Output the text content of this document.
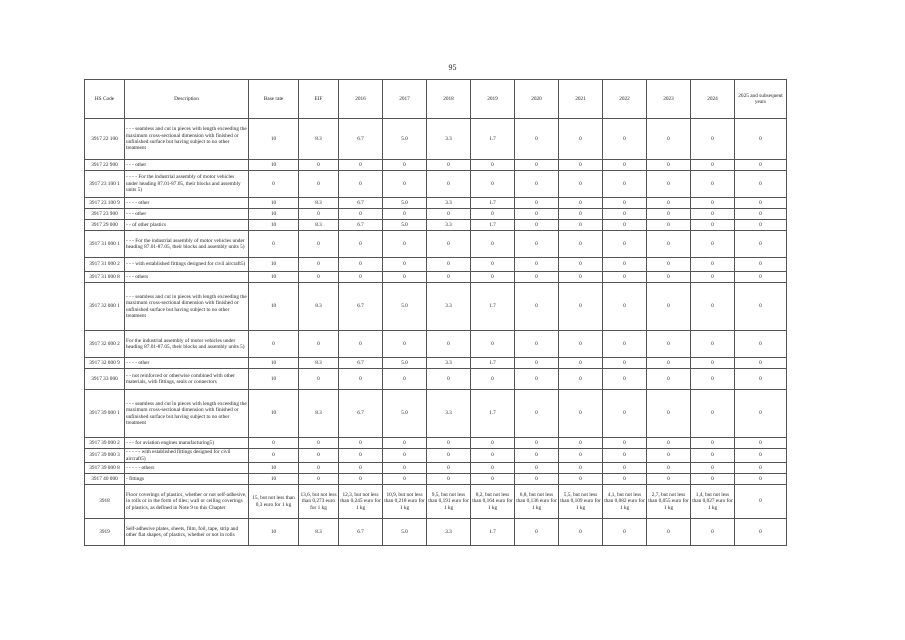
95
HS Code	Description	Base rate	EIF	2016	2017	2018	2019	2020	2021	2022	2023	2024	2025 and subsequent years
3917 22 100	- - - seamless and cut in pieces with length exceeding the maximum cross-sectional dimension with finished or unfinished surface but having subject to no other treatment	10	8.3	6.7	5.0	3.3	1.7	0	0	0	0	0	0
3917 22 900	- - - other	10	0	0	0	0	0	0	0	0	0	0	0
3917 23 100 1	- - - - For the industrial assembly of motor vehicles under heading 87.01-87.05, their blocks and assembly units 5)	0	0	0	0	0	0	0	0	0	0	0	0
3917 23 100 9	- - - - other	10	8.3	6.7	5.0	3.3	1.7	0	0	0	0	0	0
3917 23 900	- - - other	10	0	0	0	0	0	0	0	0	0	0	0
3917 29 000	- - of other plastics	10	8.3	6.7	5.0	3.3	1.7	0	0	0	0	0	0
3917 31 000 1	- - - For the industrial assembly of motor vehicles under heading 87.01-87.05, their blocks and assembly units 5)	0	0	0	0	0	0	0	0	0	0	0	0
3917 31 000 2	- - - with established fittings designed for civil aircraft5)	10	0	0	0	0	0	0	0	0	0	0	0
3917 31 000 8	- - - others	10	0	0	0	0	0	0	0	0	0	0	0
3917 32 000 1	- - - seamless and cut in pieces with length exceeding the maximum cross-sectional dimension with finished or unfinished surface but having subject to no other treatment	10	8.3	6.7	5.0	3.3	1.7	0	0	0	0	0	0
3917 32 000 2	For the industrial assembly of motor vehicles under heading 87.01-87.05, their blocks and assembly units 5)	0	0	0	0	0	0	0	0	0	0	0	0
3917 32 000 9	- - - - other	10	8.3	6.7	5.0	3.3	1.7	0	0	0	0	0	0
3917 33 000	- - not reinforced or otherwise combined with other materials, with fittings, seals or connectors	10	0	0	0	0	0	0	0	0	0	0	0
3917 39 000 1	- - - seamless and cut in pieces with length exceeding the maximum cross-sectional dimension with finished or unfinished surface but having subject to no other treatment	10	8.3	6.7	5.0	3.3	1.7	0	0	0	0	0	0
3917 39 000 2	- - - for aviation engines manufacturing5)	0	0	0	0	0	0	0	0	0	0	0	0
3917 39 000 3	- - - - - with established fittings designed for civil aircraft5)	0	0	0	0	0	0	0	0	0	0	0	0
3917 39 000 8	- - - - - others	10	0	0	0	0	0	0	0	0	0	0	0
3917 40 000	- fittings	10	0	0	0	0	0	0	0	0	0	0	0
3918	Floor coverings of plastics, whether or not self-adhesive, in rolls or in the form of tiles; wall or ceiling coverings of plastics, as defined in Note 9 to this Chapter	15, but not less than 0,3 euro for 1 kg	13,6, but not less than 0,273 euro for 1 kg	12,3, but not less than 0,245 euro for 1 kg	10,9, but not less than 0,218 euro for 1 kg	9,5, but not less than 0,191 euro for 1 kg	8,2, but not less than 0,164 euro for 1 kg	6,8, but not less than 0,136 euro for 1 kg	5,5, but not less than 0,109 euro for 1 kg	4,1, but not less than 0,082 euro for 1 kg	2,7, but not less than 0,055 euro for 1 kg	1,4, but not less than 0,027 euro for 1 kg	0
3919	Self-adhesive plates, sheets, film, foil, tape, strip and other flat shapes, of plastics, whether or not in rolls	10	8.3	6.7	5.0	3.3	1.7	0	0	0	0	0	0
